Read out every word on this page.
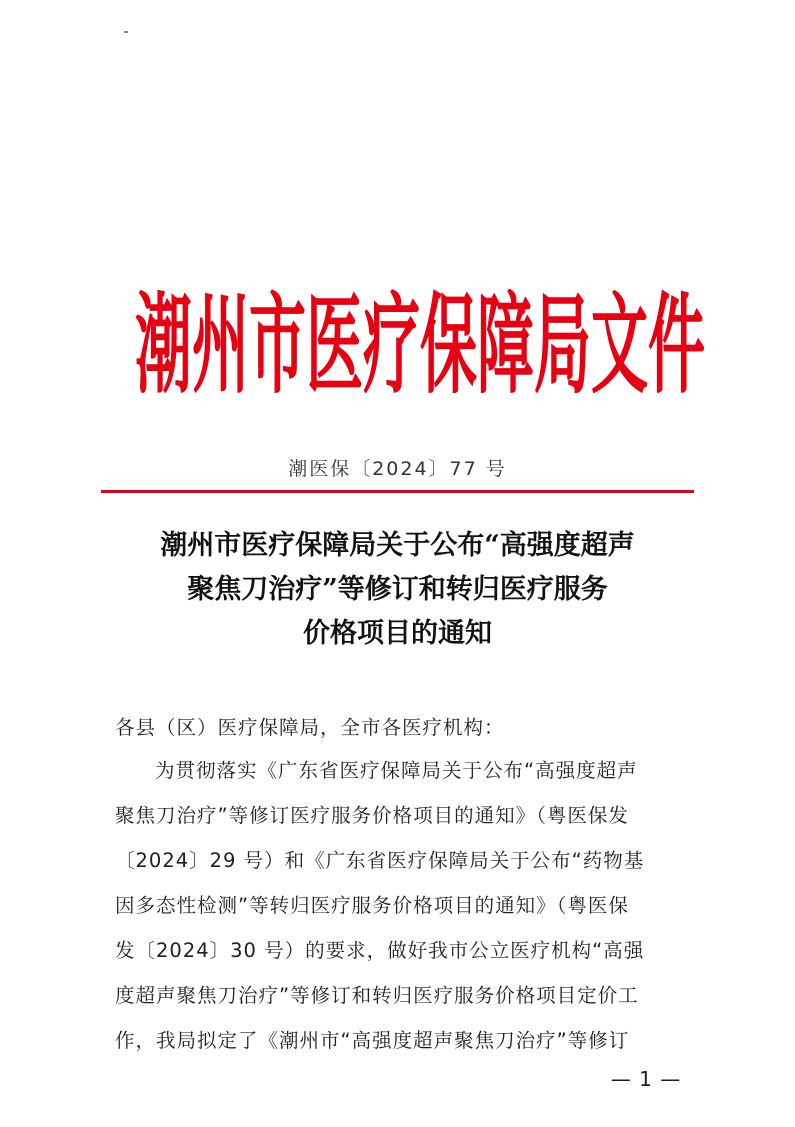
潮 州 市 医 疗 保 障 局 文 件
潮医保〔2024〕77 号
潮州市医疗保障局关于公布“高强度超声
聚焦刀治疗”等修订和转归医疗服务
价格项目的通知

各县（区）医疗保障局，全市各医疗机构：

为贯彻落实《广东省医疗保障局关于公布“高强度超声
聚焦刀治疗”等修订医疗服务价格项目的通知》（粤医保发
〔2024〕29 号）和《广东省医疗保障局关于公布“药物基
因多态性检测”等转归医疗服务价格项目的通知》（粤医保
发〔2024〕30 号）的要求，做好我市公立医疗机构“高强
度超声聚焦刀治疗”等修订和转归医疗服务价格项目定价工
作，我局拟定了《潮州市“高强度超声聚焦刀治疗”等修订
— 1 —
